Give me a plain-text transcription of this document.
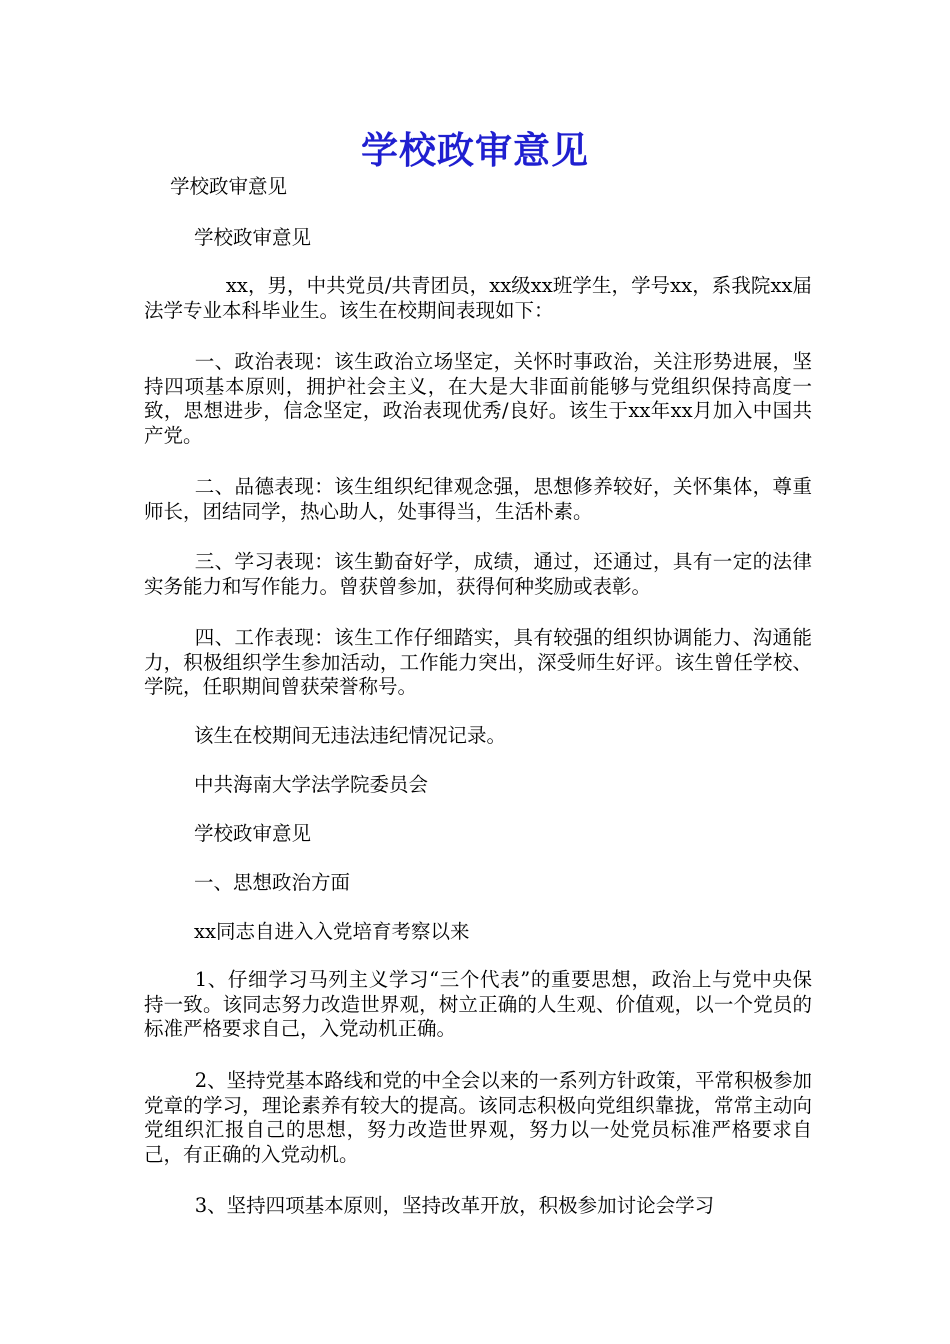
学校政审意见
学校政审意见
学校政审意见
xx，男，中共党员/共青团员，xx级xx班学生，学号xx，系我院xx届法学专业本科毕业生。该生在校期间表现如下：
一、政治表现：该生政治立场坚定，关怀时事政治，关注形势进展，坚持四项基本原则，拥护社会主义，在大是大非面前能够与党组织保持高度一致，思想进步，信念坚定，政治表现优秀/良好。该生于xx年xx月加入中国共产党。
二、品德表现：该生组织纪律观念强，思想修养较好，关怀集体，尊重师长，团结同学，热心助人，处事得当，生活朴素。
三、学习表现：该生勤奋好学，成绩，通过，还通过，具有一定的法律实务能力和写作能力。曾获曾参加，获得何种奖励或表彰。
四、工作表现：该生工作仔细踏实，具有较强的组织协调能力、沟通能力，积极组织学生参加活动，工作能力突出，深受师生好评。该生曾任学校、学院，任职期间曾获荣誉称号。
该生在校期间无违法违纪情况记录。
中共海南大学法学院委员会
学校政审意见
一、思想政治方面
xx同志自进入入党培育考察以来
1、仔细学习马列主义学习“三个代表”的重要思想，政治上与党中央保持一致。该同志努力改造世界观，树立正确的人生观、价值观，以一个党员的标准严格要求自己，入党动机正确。
2、坚持党基本路线和党的中全会以来的一系列方针政策，平常积极参加党章的学习，理论素养有较大的提高。该同志积极向党组织靠拢，常常主动向党组织汇报自己的思想，努力改造世界观，努力以一处党员标准严格要求自己，有正确的入党动机。
3、坚持四项基本原则，坚持改革开放，积极参加讨论会学习
